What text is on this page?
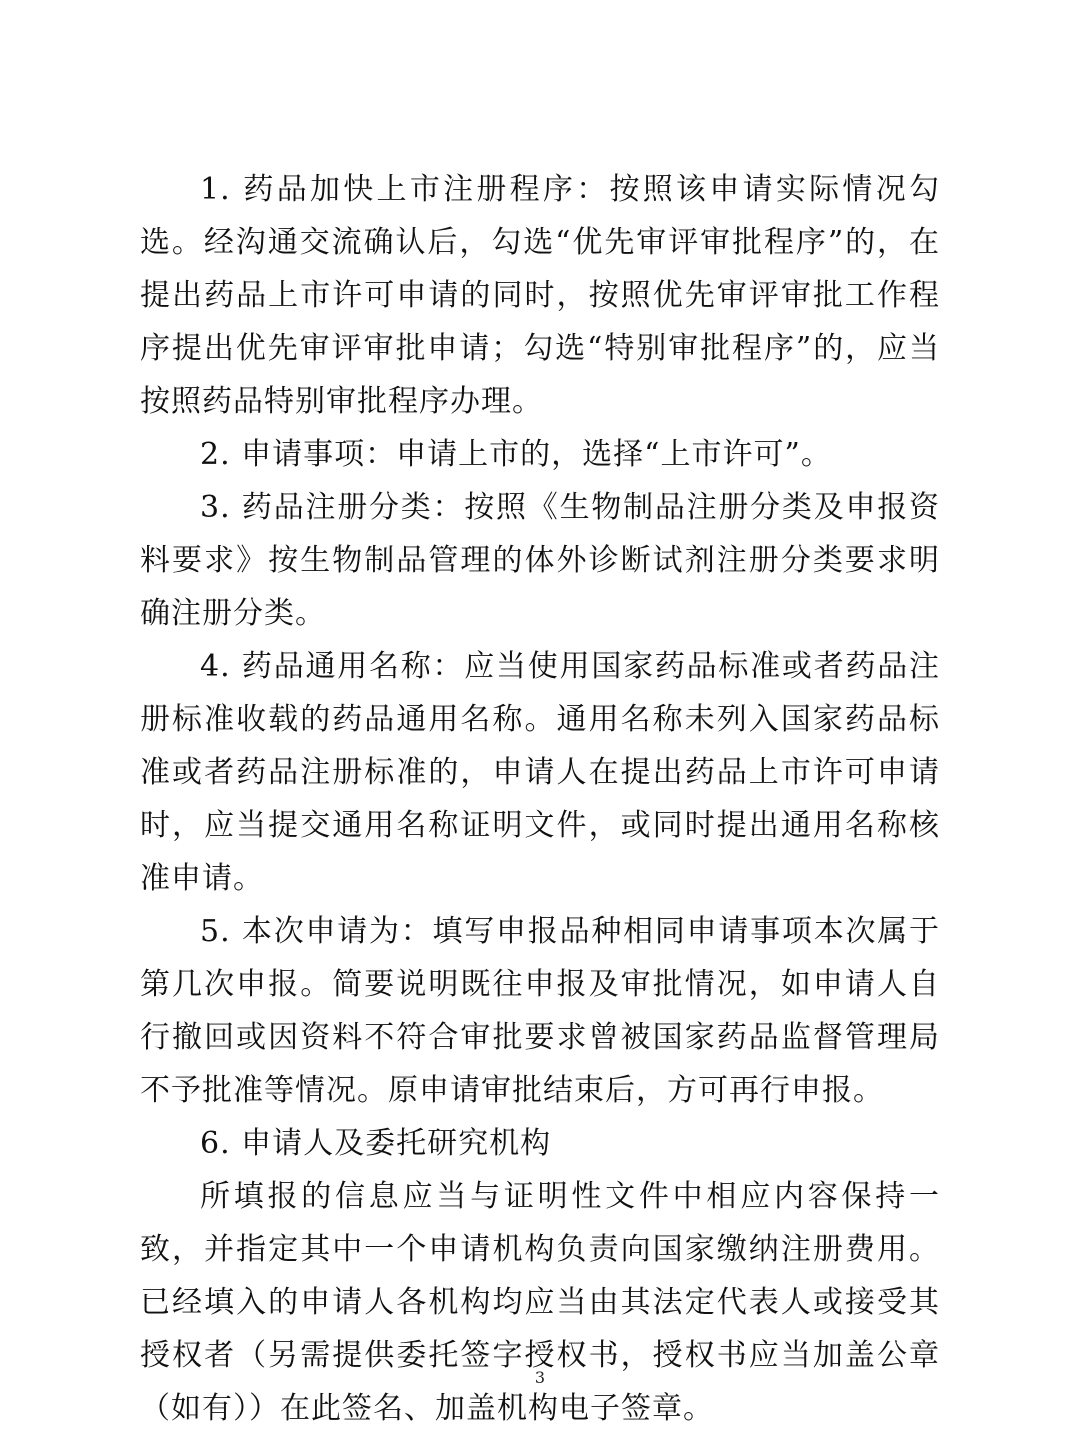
1. 药品加快上市注册程序：按照该申请实际情况勾选。经沟通交流确认后，勾选“优先审评审批程序”的，在提出药品上市许可申请的同时，按照优先审评审批工作程序提出优先审评审批申请；勾选“特别审批程序”的，应当按照药品特别审批程序办理。

2. 申请事项：申请上市的，选择“上市许可”。

3. 药品注册分类：按照《生物制品注册分类及申报资料要求》按生物制品管理的体外诊断试剂注册分类要求明确注册分类。

4. 药品通用名称：应当使用国家药品标准或者药品注册标准收载的药品通用名称。通用名称未列入国家药品标准或者药品注册标准的，申请人在提出药品上市许可申请时，应当提交通用名称证明文件，或同时提出通用名称核准申请。

5. 本次申请为：填写申报品种相同申请事项本次属于第几次申报。简要说明既往申报及审批情况，如申请人自行撤回或因资料不符合审批要求曾被国家药品监督管理局不予批准等情况。原申请审批结束后，方可再行申报。

6. 申请人及委托研究机构

所填报的信息应当与证明性文件中相应内容保持一致，并指定其中一个申请机构负责向国家缴纳注册费用。已经填入的申请人各机构均应当由其法定代表人或接受其授权者（另需提供委托签字授权书，授权书应当加盖公章（如有））在此签名、加盖机构电子签章。

3
